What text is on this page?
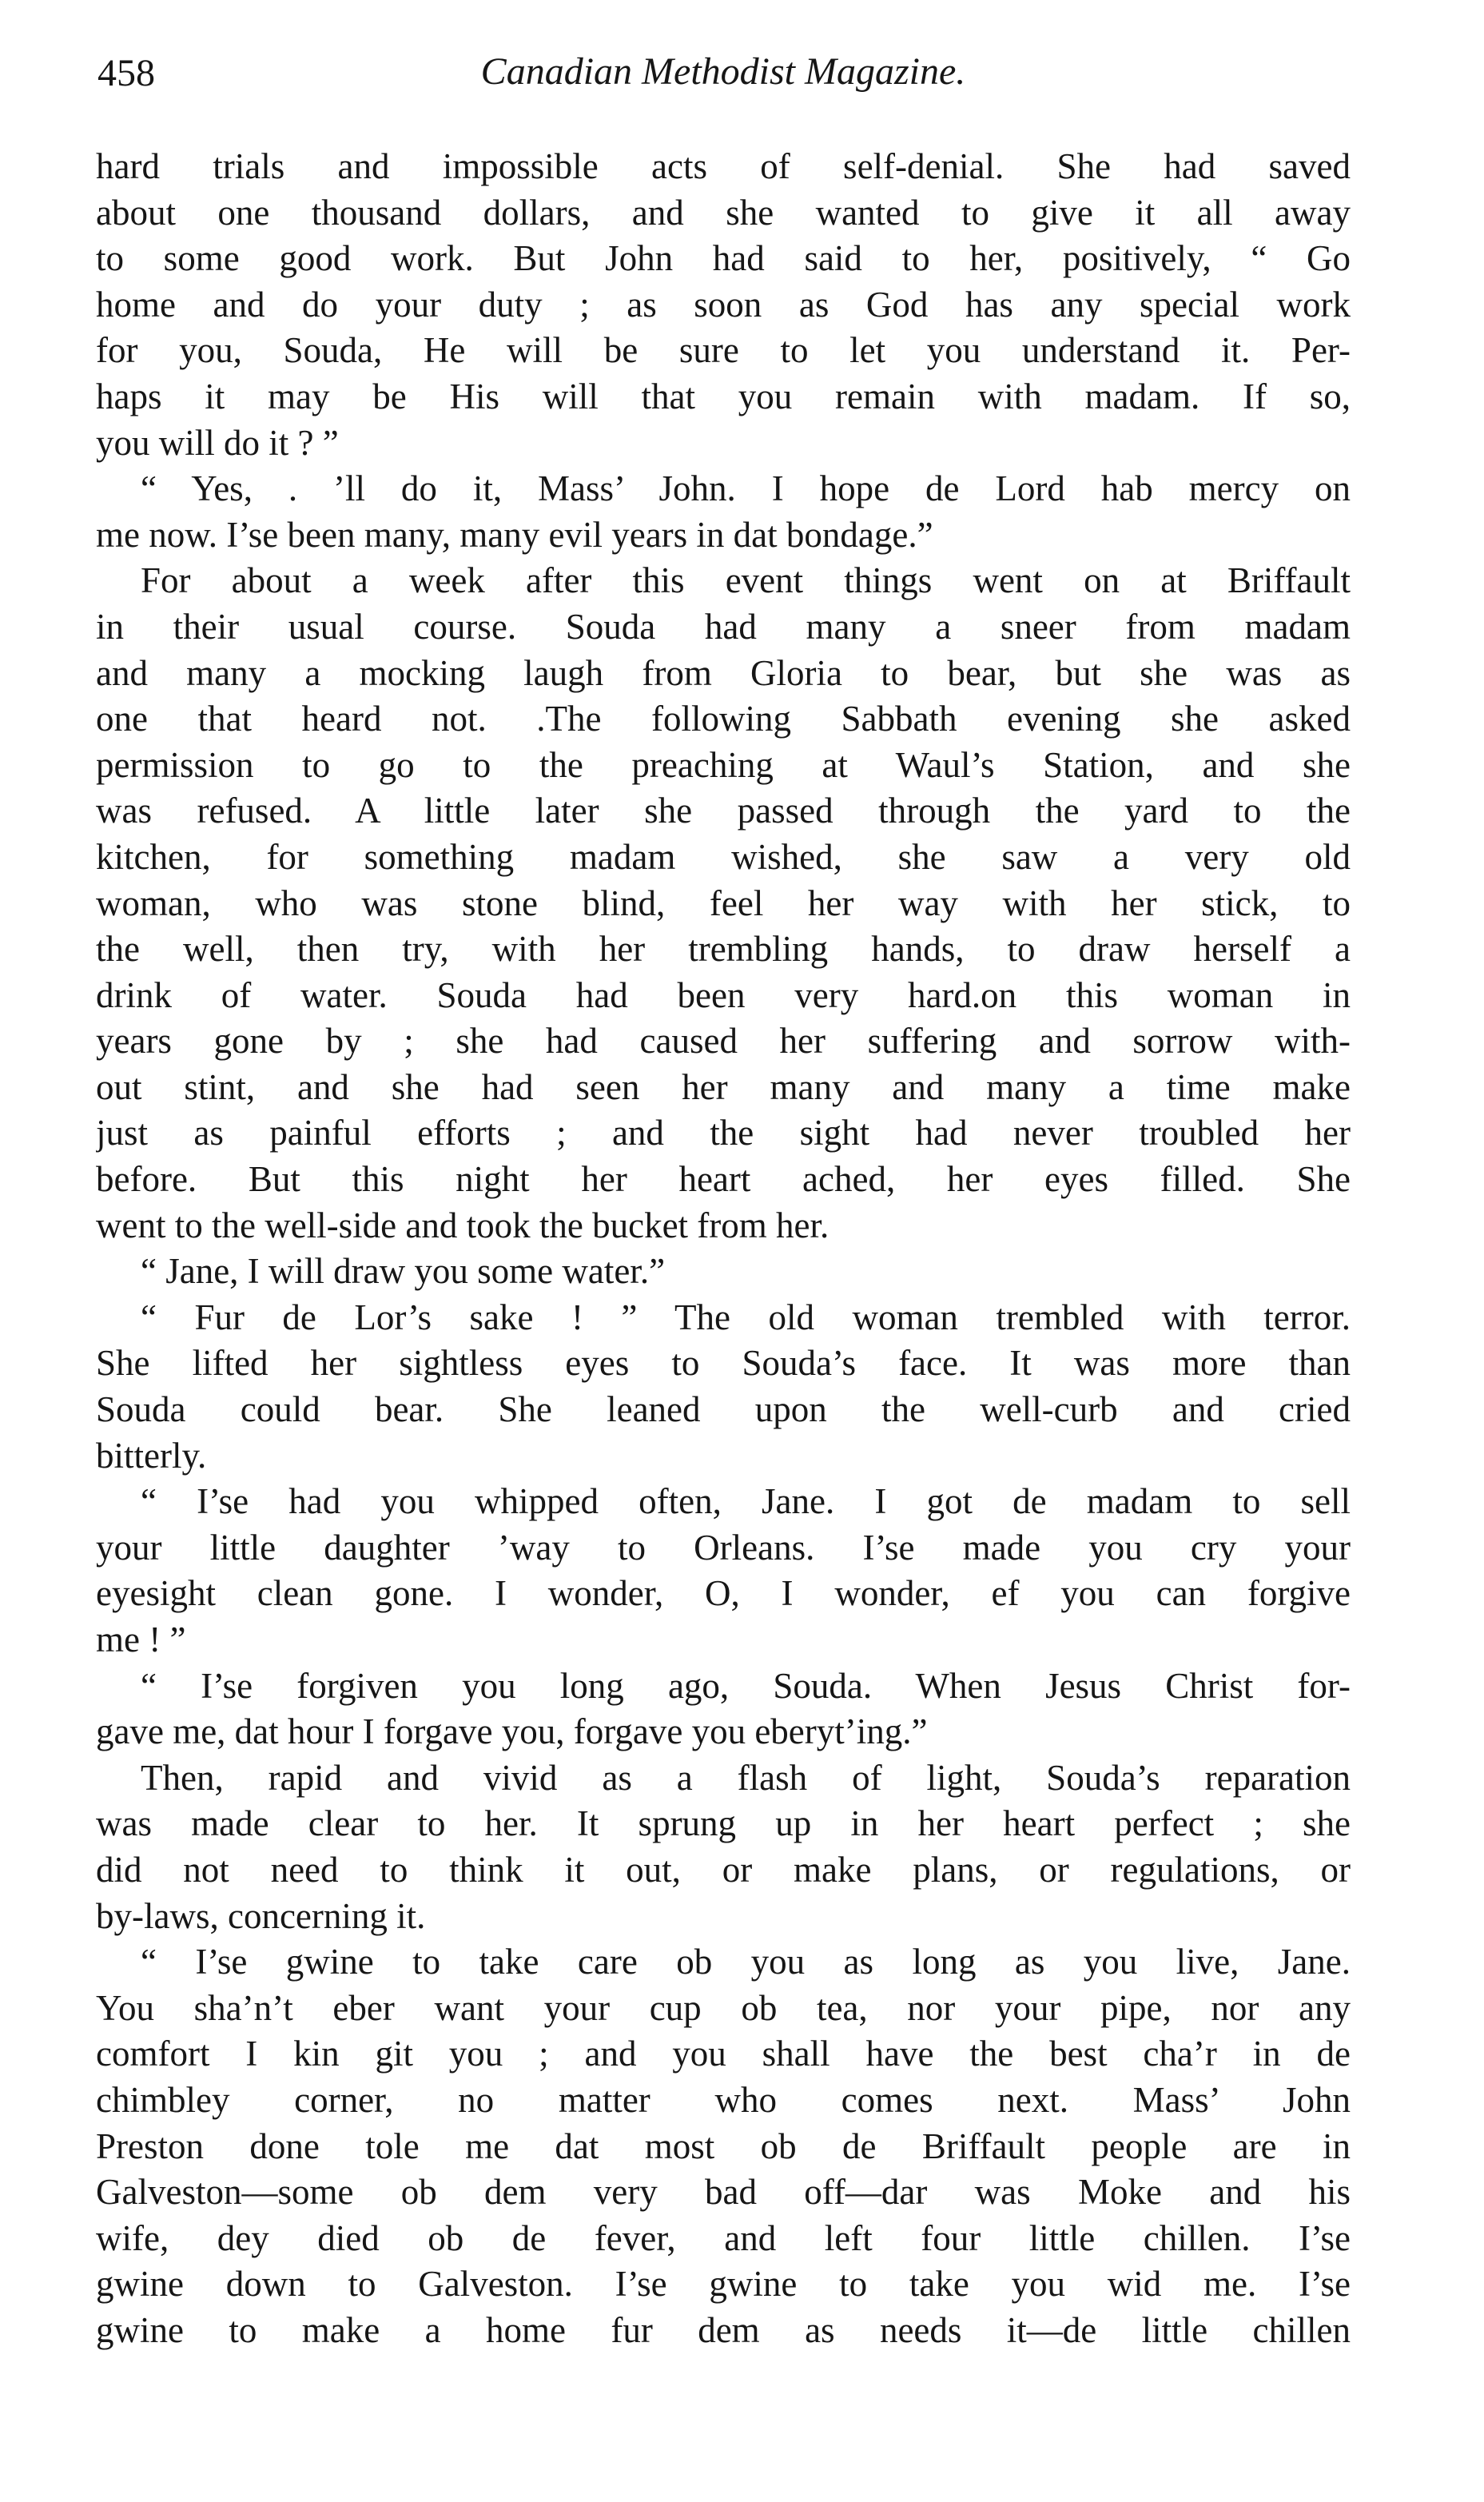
458	Canadian Methodist Magazine.
hard trials and impossible acts of self-denial. She had saved
about one thousand dollars, and she wanted to give it all away
to some good work. But John had said to her, positively, “ Go
home and do your duty ; as soon as God has any special work
for you, Souda, He will be sure to let you understand it. Per-
haps it may be His will that you remain with madam. If so,
you will do it ? ”
“ Yes, . ’ll do it, Mass’ John. I hope de Lord hab mercy on
me now. I’se been many, many evil years in dat bondage.”
For about a week after this event things went on at Briffault
in their usual course. Souda had many a sneer from madam
and many a mocking laugh from Gloria to bear, but she was as
one that heard not. .The following Sabbath evening she asked
permission to go to the preaching at Waul’s Station, and she
was refused. A little later she passed through the yard to the
kitchen, for something madam wished, she saw a very old
woman, who was stone blind, feel her way with her stick, to
the well, then try, with her trembling hands, to draw herself a
drink of water. Souda had been very hard.on this woman in
years gone by ; she had caused her suffering and sorrow with-
out stint, and she had seen her many and many a time make
just as painful efforts ; and the sight had never troubled her
before. But this night her heart ached, her eyes filled. She
went to the well-side and took the bucket from her.
“ Jane, I will draw you some water.”
“ Fur de Lor’s sake ! ” The old woman trembled with terror.
She lifted her sightless eyes to Souda’s face. It was more than
Souda could bear. She leaned upon the well-curb and cried
bitterly.
“ I’se had you whipped often, Jane. I got de madam to sell
your little daughter ’way to Orleans. I’se made you cry your
eyesight clean gone. I wonder, O, I wonder, ef you can forgive
me ! ”
“ I’se forgiven you long ago, Souda. When Jesus Christ for-
gave me, dat hour I forgave you, forgave you eberyt’ing.”
Then, rapid and vivid as a flash of light, Souda’s reparation
was made clear to her. It sprung up in her heart perfect ; she
did not need to think it out, or make plans, or regulations, or
by-laws, concerning it.
“ I’se gwine to take care ob you as long as you live, Jane.
You sha’n’t eber want your cup ob tea, nor your pipe, nor any
comfort I kin git you ; and you shall have the best cha’r in de
chimbley corner, no matter who comes next. Mass’ John
Preston done tole me dat most ob de Briffault people are in
Galveston—some ob dem very bad off—dar was Moke and his
wife, dey died ob de fever, and left four little chillen. I’se
gwine down to Galveston. I’se gwine to take you wid me. I’se
gwine to make a home fur dem as needs it—de little chillen
